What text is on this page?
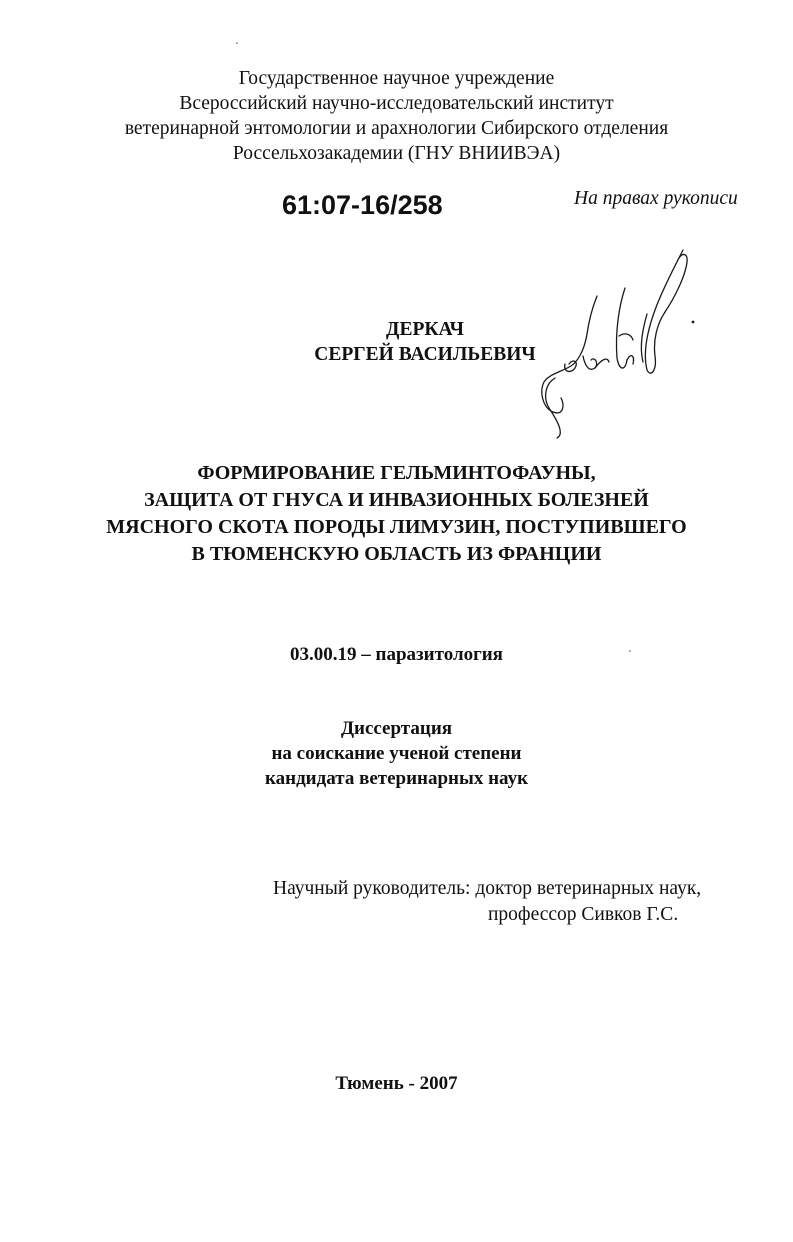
Государственное научное учреждение
Всероссийский научно-исследовательский институт
ветеринарной энтомологии и арахнологии Сибирского отделения
Россельхозакадемии (ГНУ ВНИИВЭА)
61:07-16/258	На правах рукописи
ДЕРКАЧ
СЕРГЕЙ ВАСИЛЬЕВИЧ
ФОРМИРОВАНИЕ ГЕЛЬМИНТОФАУНЫ,
ЗАЩИТА ОТ ГНУСА И ИНВАЗИОННЫХ БОЛЕЗНЕЙ
МЯСНОГО СКОТА ПОРОДЫ ЛИМУЗИН, ПОСТУПИВШЕГО
В ТЮМЕНСКУЮ ОБЛАСТЬ ИЗ ФРАНЦИИ
03.00.19 – паразитология
Диссертация
на соискание ученой степени
кандидата ветеринарных наук
Научный руководитель: доктор ветеринарных наук,
профессор Сивков Г.С.
Тюмень - 2007
